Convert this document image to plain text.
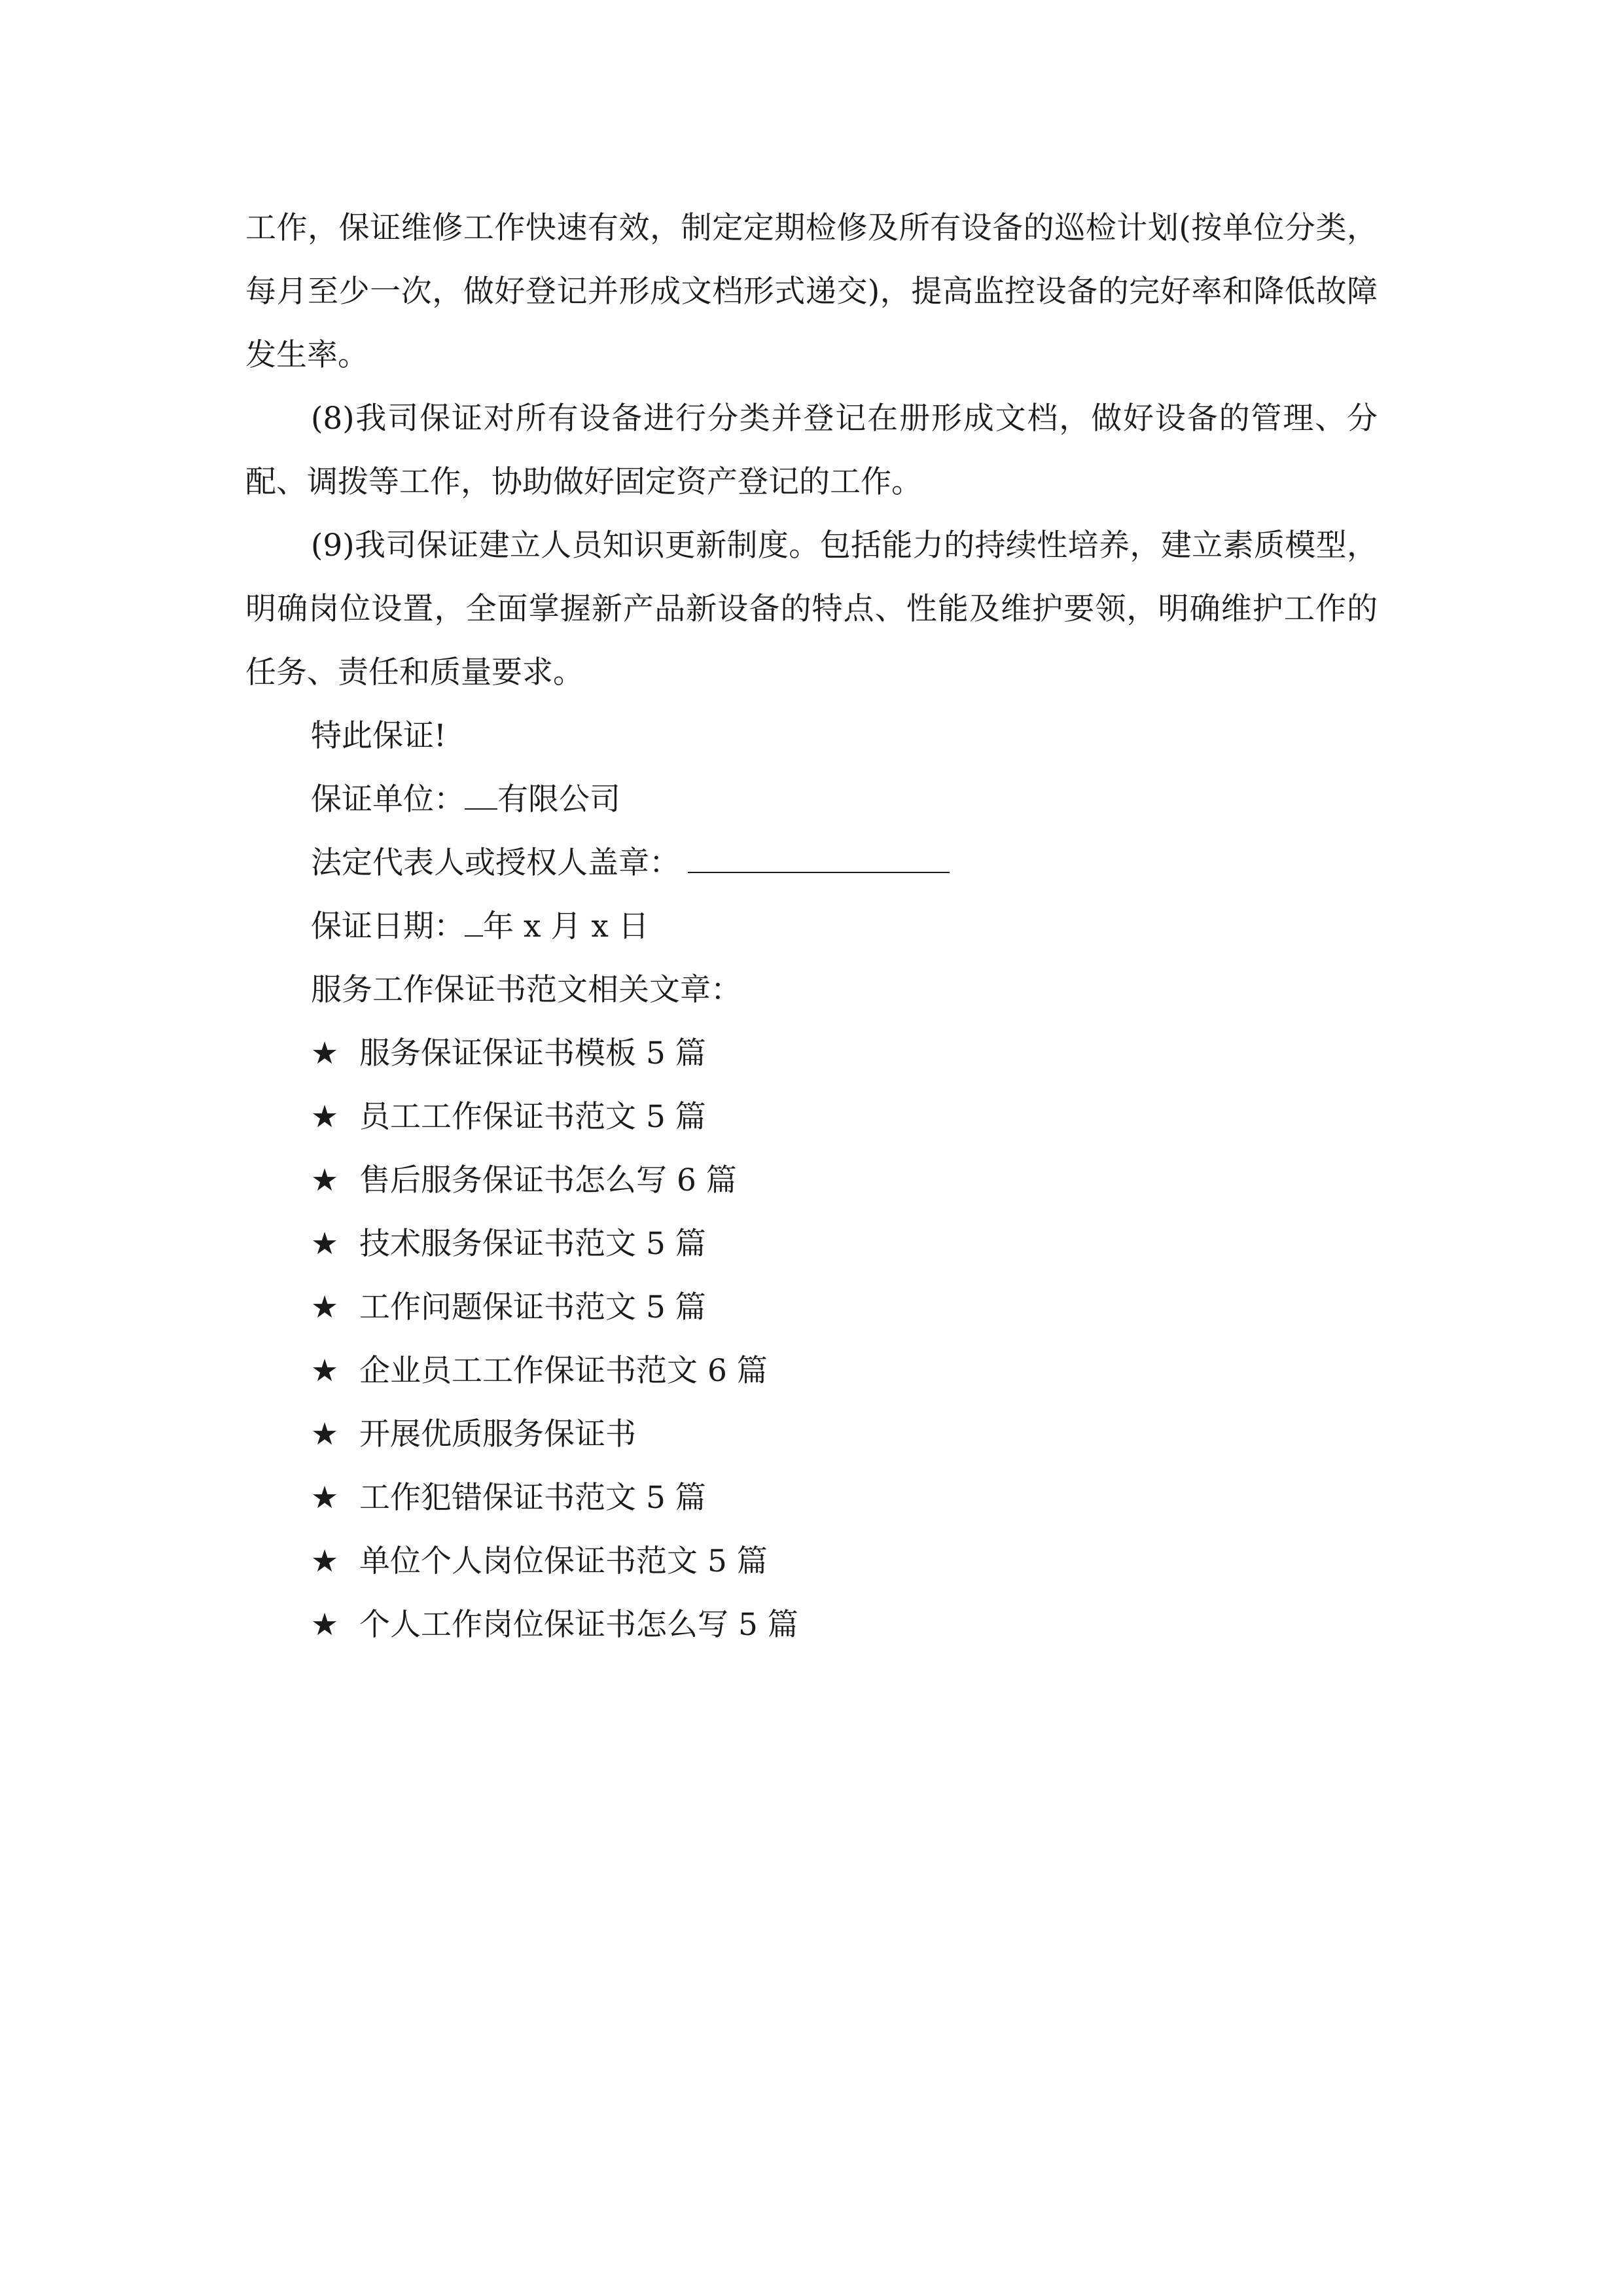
工作，保证维修工作快速有效，制定定期检修及所有设备的巡检计划(按单位分类，每月至少一次，做好登记并形成文档形式递交)，提高监控设备的完好率和降低故障发生率。

(8)我司保证对所有设备进行分类并登记在册形成文档，做好设备的管理、分配、调拨等工作，协助做好固定资产登记的工作。

(9)我司保证建立人员知识更新制度。包括能力的持续性培养，建立素质模型，明确岗位设置，全面掌握新产品新设备的特点、性能及维护要领，明确维护工作的任务、责任和质量要求。

特此保证!

保证单位： 有限公司

法定代表人或授权人盖章：

保证日期： 年 x 月 x 日

服务工作保证书范文相关文章：

★ 服务保证保证书模板 5 篇
★ 员工工作保证书范文 5 篇
★ 售后服务保证书怎么写 6 篇
★ 技术服务保证书范文 5 篇
★ 工作问题保证书范文 5 篇
★ 企业员工工作保证书范文 6 篇
★ 开展优质服务保证书
★ 工作犯错保证书范文 5 篇
★ 单位个人岗位保证书范文 5 篇
★ 个人工作岗位保证书怎么写 5 篇
